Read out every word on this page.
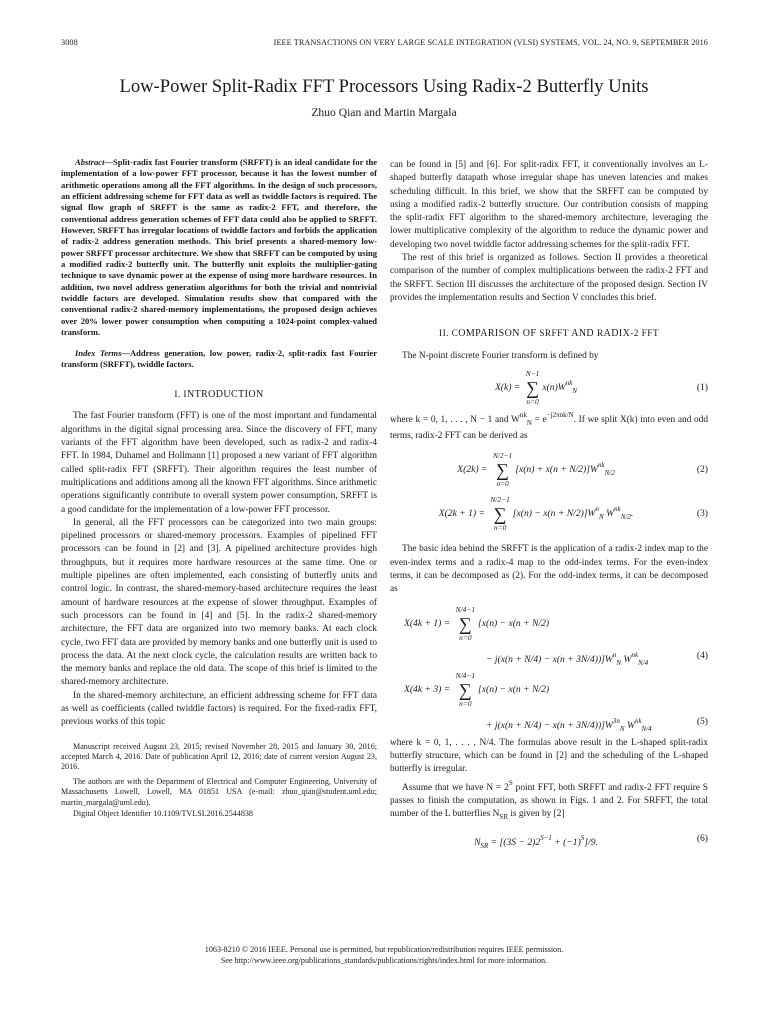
3008	IEEE TRANSACTIONS ON VERY LARGE SCALE INTEGRATION (VLSI) SYSTEMS, VOL. 24, NO. 9, SEPTEMBER 2016
Low-Power Split-Radix FFT Processors Using Radix-2 Butterfly Units
Zhuo Qian and Martin Margala

Abstract—Split-radix fast Fourier transform (SRFFT) is an ideal candidate for the implementation of a low-power FFT processor, because it has the lowest number of arithmetic operations among all the FFT algorithms. In the design of such processors, an efficient addressing scheme for FFT data as well as twiddle factors is required. The signal flow graph of SRFFT is the same as radix-2 FFT, and therefore, the conventional address generation schemes of FFT data could also be applied to SRFFT. However, SRFFT has irregular locations of twiddle factors and forbids the application of radix-2 address generation methods. This brief presents a shared-memory low-power SRFFT processor architecture. We show that SRFFT can be computed by using a modified radix-2 butterfly unit. The butterfly unit exploits the multiplier-gating technique to save dynamic power at the expense of using more hardware resources. In addition, two novel address generation algorithms for both the trivial and nontrivial twiddle factors are developed. Simulation results show that compared with the conventional radix-2 shared-memory implementations, the proposed design achieves over 20% lower power consumption when computing a 1024-point complex-valued transform.

Index Terms—Address generation, low power, radix-2, split-radix fast Fourier transform (SRFFT), twiddle factors.

I. INTRODUCTION

The fast Fourier transform (FFT) is one of the most important and fundamental algorithms in the digital signal processing area. Since the discovery of FFT, many variants of the FFT algorithm have been developed, such as radix-2 and radix-4 FFT. In 1984, Duhamel and Hollmann [1] proposed a new variant of FFT algorithm called split-radix FFT (SRFFT). Their algorithm requires the least number of multiplications and additions among all the known FFT algorithms. Since arithmetic operations significantly contribute to overall system power consumption, SRFFT is a good candidate for the implementation of a low-power FFT processor.

In general, all the FFT processors can be categorized into two main groups: pipelined processors or shared-memory processors. Examples of pipelined FFT processors can be found in [2] and [3]. A pipelined architecture provides high throughputs, but it requires more hardware resources at the same time. One or multiple pipelines are often implemented, each consisting of butterfly units and control logic. In contrast, the shared-memory-based architecture requires the least amount of hardware resources at the expense of slower throughput. Examples of such processors can be found in [4] and [5]. In the radix-2 shared-memory architecture, the FFT data are organized into two memory banks. At each clock cycle, two FFT data are provided by memory banks and one butterfly unit is used to process the data. At the next clock cycle, the calculation results are written back to the memory banks and replace the old data. The scope of this brief is limited to the shared-memory architecture.

In the shared-memory architecture, an efficient addressing scheme for FFT data as well as coefficients (called twiddle factors) is required. For the fixed-radix FFT, previous works of this topic

Manuscript received August 23, 2015; revised November 28, 2015 and January 30, 2016; accepted March 4, 2016. Date of publication April 12, 2016; date of current version August 23, 2016.

The authors are with the Department of Electrical and Computer Engineering, University of Massachusetts Lowell, Lowell, MA 01851 USA (e-mail: zhuo_qian@student.uml.edu; martin_margala@uml.edu).

Digital Object Identifier 10.1109/TVLSI.2016.2544838

can be found in [5] and [6]. For split-radix FFT, it conventionally involves an L-shaped butterfly datapath whose irregular shape has uneven latencies and makes scheduling difficult. In this brief, we show that the SRFFT can be computed by using a modified radix-2 butterfly structure. Our contribution consists of mapping the split-radix FFT algorithm to the shared-memory architecture, leveraging the lower multiplicative complexity of the algorithm to reduce the dynamic power and developing two novel twiddle factor addressing schemes for the split-radix FFT.

The rest of this brief is organized as follows. Section II provides a theoretical comparison of the number of complex multiplications between the radix-2 FFT and the SRFFT. Section III discusses the architecture of the proposed design. Section IV provides the implementation results and Section V concludes this brief.

II. COMPARISON OF SRFFT AND RADIX-2 FFT

The N-point discrete Fourier transform is defined by

X(k) =
N−1
∑
n=0
$x(n)W^{nk}_N$	(1)

where k = 0, 1, . . . , N − 1 and $W^{nk}_N = e^{-j2\pi nk/N}$. If we split X(k) into even and odd terms, radix-2 FFT can be derived as

X(2k) =
N/2−1
∑
n=0
$[x(n) + x(n + N/2)]W^{nk}_{N/2}$	(2)
X(2k + 1) =
N/2−1
∑
n=0
$[x(n) - x(n + N/2)]W^n_N$ $W^{nk}_{N/2}$.	(3)

The basic idea behind the SRFFT is the application of a radix-2 index map to the even-index terms and a radix-4 map to the odd-index terms. For the even-index terms, it can be decomposed as (2). For the odd-index terms, it can be decomposed as

X(4k + 1) =
N/4−1
∑
n=0
[x(n) − x(n + N/2)
− $j(x(n + N/4) - x(n + 3N/4))]W^n_N$ $W^{nk}_{N/4}$
(4)
X(4k + 3) =
N/4−1
∑
n=0
[x(n) − x(n + N/2)
+ $j(x(n + N/4) - x(n + 3N/4))]W^{3n}_N$ $W^{nk}_{N/4}$
(5)

where k = 0, 1, . . . , N/4. The formulas above result in the L-shaped split-radix butterfly structure, which can be found in [2] and the scheduling of the L-shaped butterfly is irregular.

Assume that we have $N = 2^S$ point FFT, both SRFFT and radix-2 FFT require S passes to finish the computation, as shown in Figs. 1 and 2. For SRFFT, the total number of the L butterflies $N_{SR}$ is given by [2]

$N_{SR} = [(3S - 2)2^{S-1} + (-1)^S]/9$.	(6)
1063-8210 © 2016 IEEE. Personal use is permitted, but republication/redistribution requires IEEE permission.
See http://www.ieee.org/publications_standards/publications/rights/index.html for more information.
